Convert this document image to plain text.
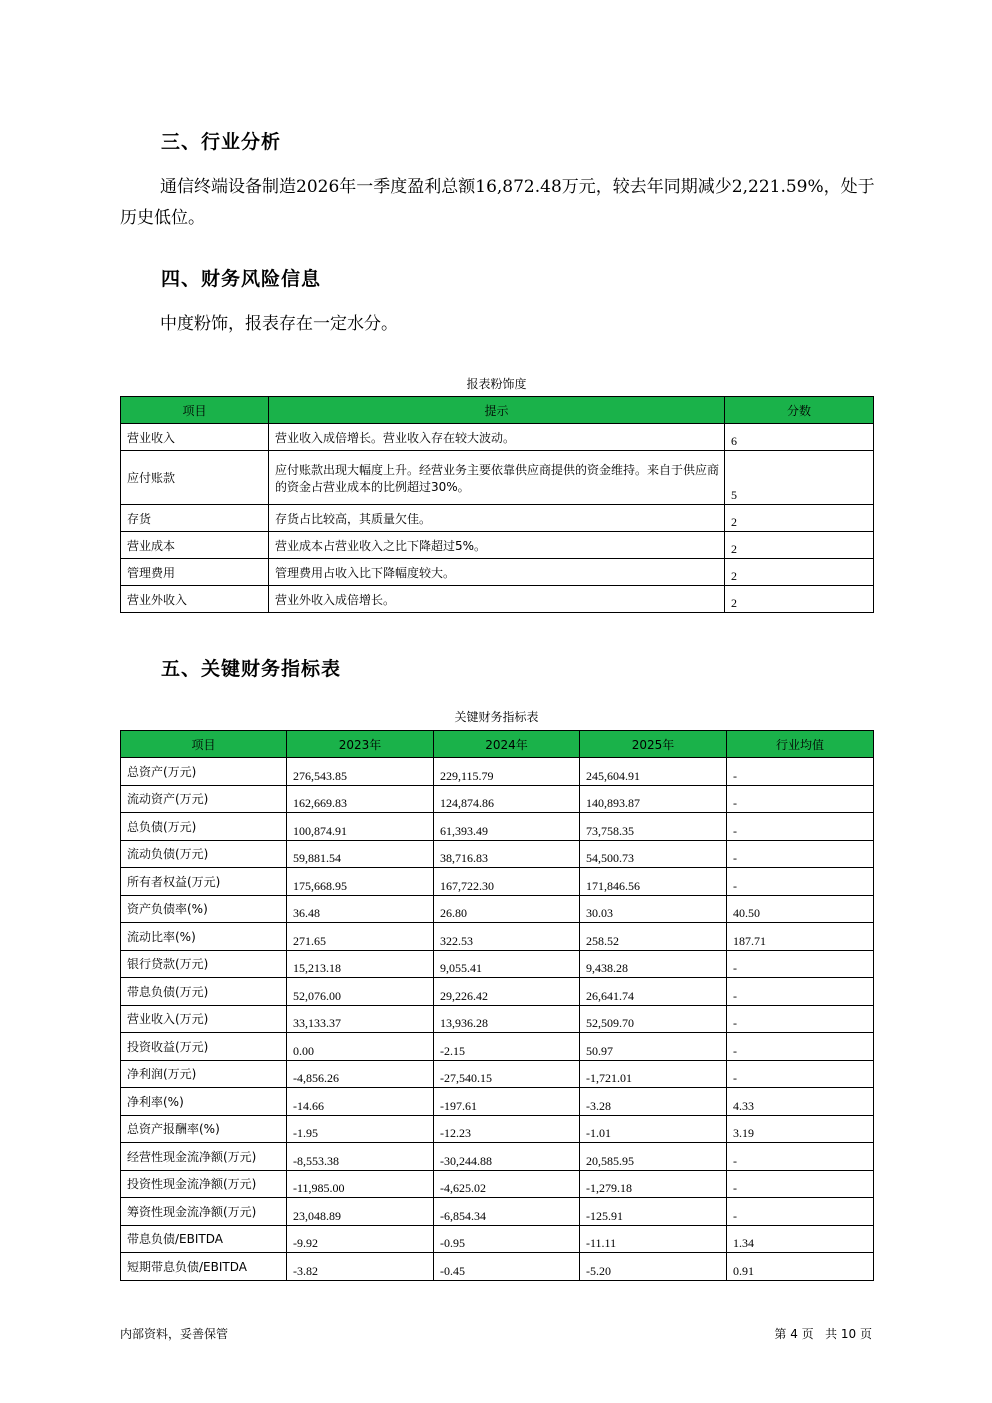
三、行业分析
通信终端设备制造2026年一季度盈利总额16,872.48万元，较去年同期减少2,221.59%，处于历史低位。
四、财务风险信息
中度粉饰，报表存在一定水分。
报表粉饰度
项目	提示	分数
营业收入	营业收入成倍增长。营业收入存在较大波动。	6
应付账款	应付账款出现大幅度上升。经营业务主要依靠供应商提供的资金维持。来自于供应商的资金占营业成本的比例超过30%。	5
存货	存货占比较高，其质量欠佳。	2
营业成本	营业成本占营业收入之比下降超过5%。	2
管理费用	管理费用占收入比下降幅度较大。	2
营业外收入	营业外收入成倍增长。	2
五、关键财务指标表
关键财务指标表
项目	2023年	2024年	2025年	行业均值
总资产(万元)	276,543.85	229,115.79	245,604.91	-
流动资产(万元)	162,669.83	124,874.86	140,893.87	-
总负债(万元)	100,874.91	61,393.49	73,758.35	-
流动负债(万元)	59,881.54	38,716.83	54,500.73	-
所有者权益(万元)	175,668.95	167,722.30	171,846.56	-
资产负债率(%)	36.48	26.80	30.03	40.50
流动比率(%)	271.65	322.53	258.52	187.71
银行贷款(万元)	15,213.18	9,055.41	9,438.28	-
带息负债(万元)	52,076.00	29,226.42	26,641.74	-
营业收入(万元)	33,133.37	13,936.28	52,509.70	-
投资收益(万元)	0.00	-2.15	50.97	-
净利润(万元)	-4,856.26	-27,540.15	-1,721.01	-
净利率(%)	-14.66	-197.61	-3.28	4.33
总资产报酬率(%)	-1.95	-12.23	-1.01	3.19
经营性现金流净额(万元)	-8,553.38	-30,244.88	20,585.95	-
投资性现金流净额(万元)	-11,985.00	-4,625.02	-1,279.18	-
筹资性现金流净额(万元)	23,048.89	-6,854.34	-125.91	-
带息负债/EBITDA	-9.92	-0.95	-11.11	1.34
短期带息负债/EBITDA	-3.82	-0.45	-5.20	0.91
内部资料，妥善保管	第 4 页   共 10 页
